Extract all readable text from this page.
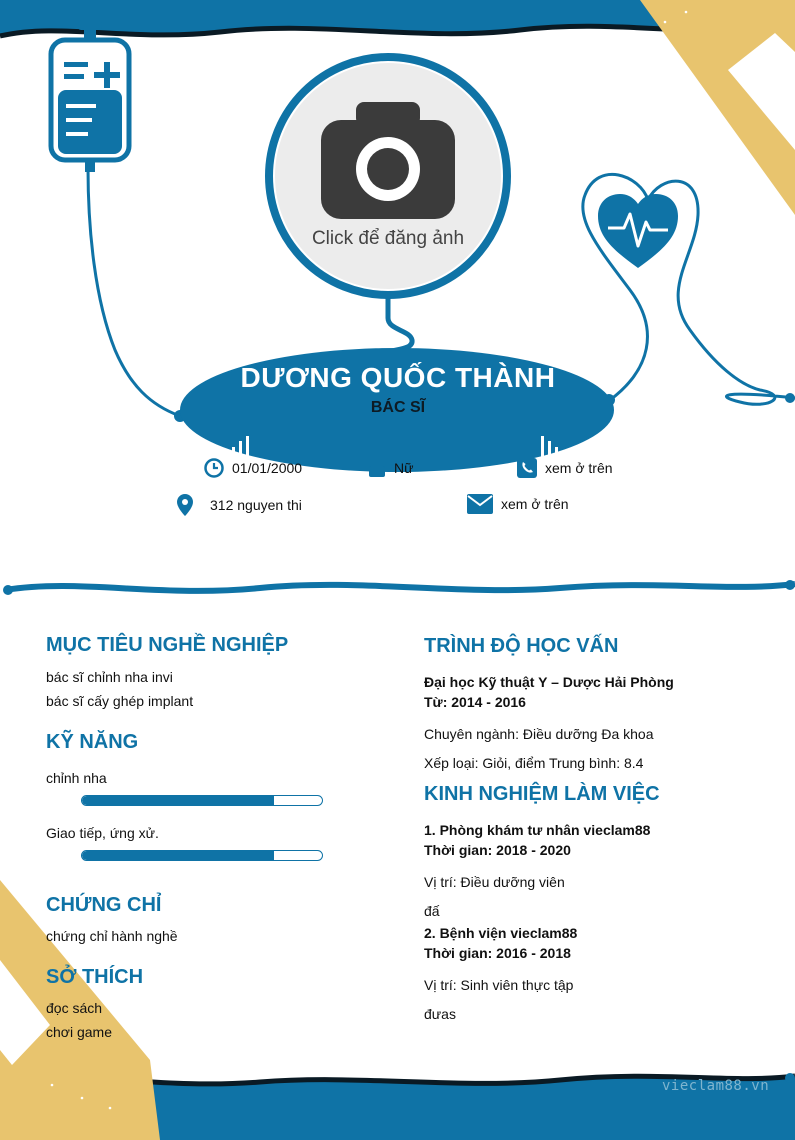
Click để đăng ảnh
DƯƠNG QUỐC THÀNH
BÁC SĨ
01/01/2000	Nữ	xem ở trên
312 nguyen thi	xem ở trên
MỤC TIÊU NGHỀ NGHIỆP
bác sĩ chỉnh nha invi
bác sĩ cấy ghép implant
KỸ NĂNG
chỉnh nha
Giao tiếp, ứng xử.
CHỨNG CHỈ
chứng chỉ hành nghề
SỞ THÍCH
đọc sách
chơi game
TRÌNH ĐỘ HỌC VẤN
Đại học Kỹ thuật Y – Dược Hải Phòng
Từ: 2014 - 2016
Chuyên ngành: Điều dưỡng Đa khoa
Xếp loại: Giỏi, điểm Trung bình: 8.4
KINH NGHIỆM LÀM VIỆC
1. Phòng khám tư nhân vieclam88
Thời gian: 2018 - 2020
Vị trí: Điều dưỡng viên
đấ
2. Bệnh viện vieclam88
Thời gian: 2016 - 2018
Vị trí: Sinh viên thực tập
đưas
vieclam88.vn
